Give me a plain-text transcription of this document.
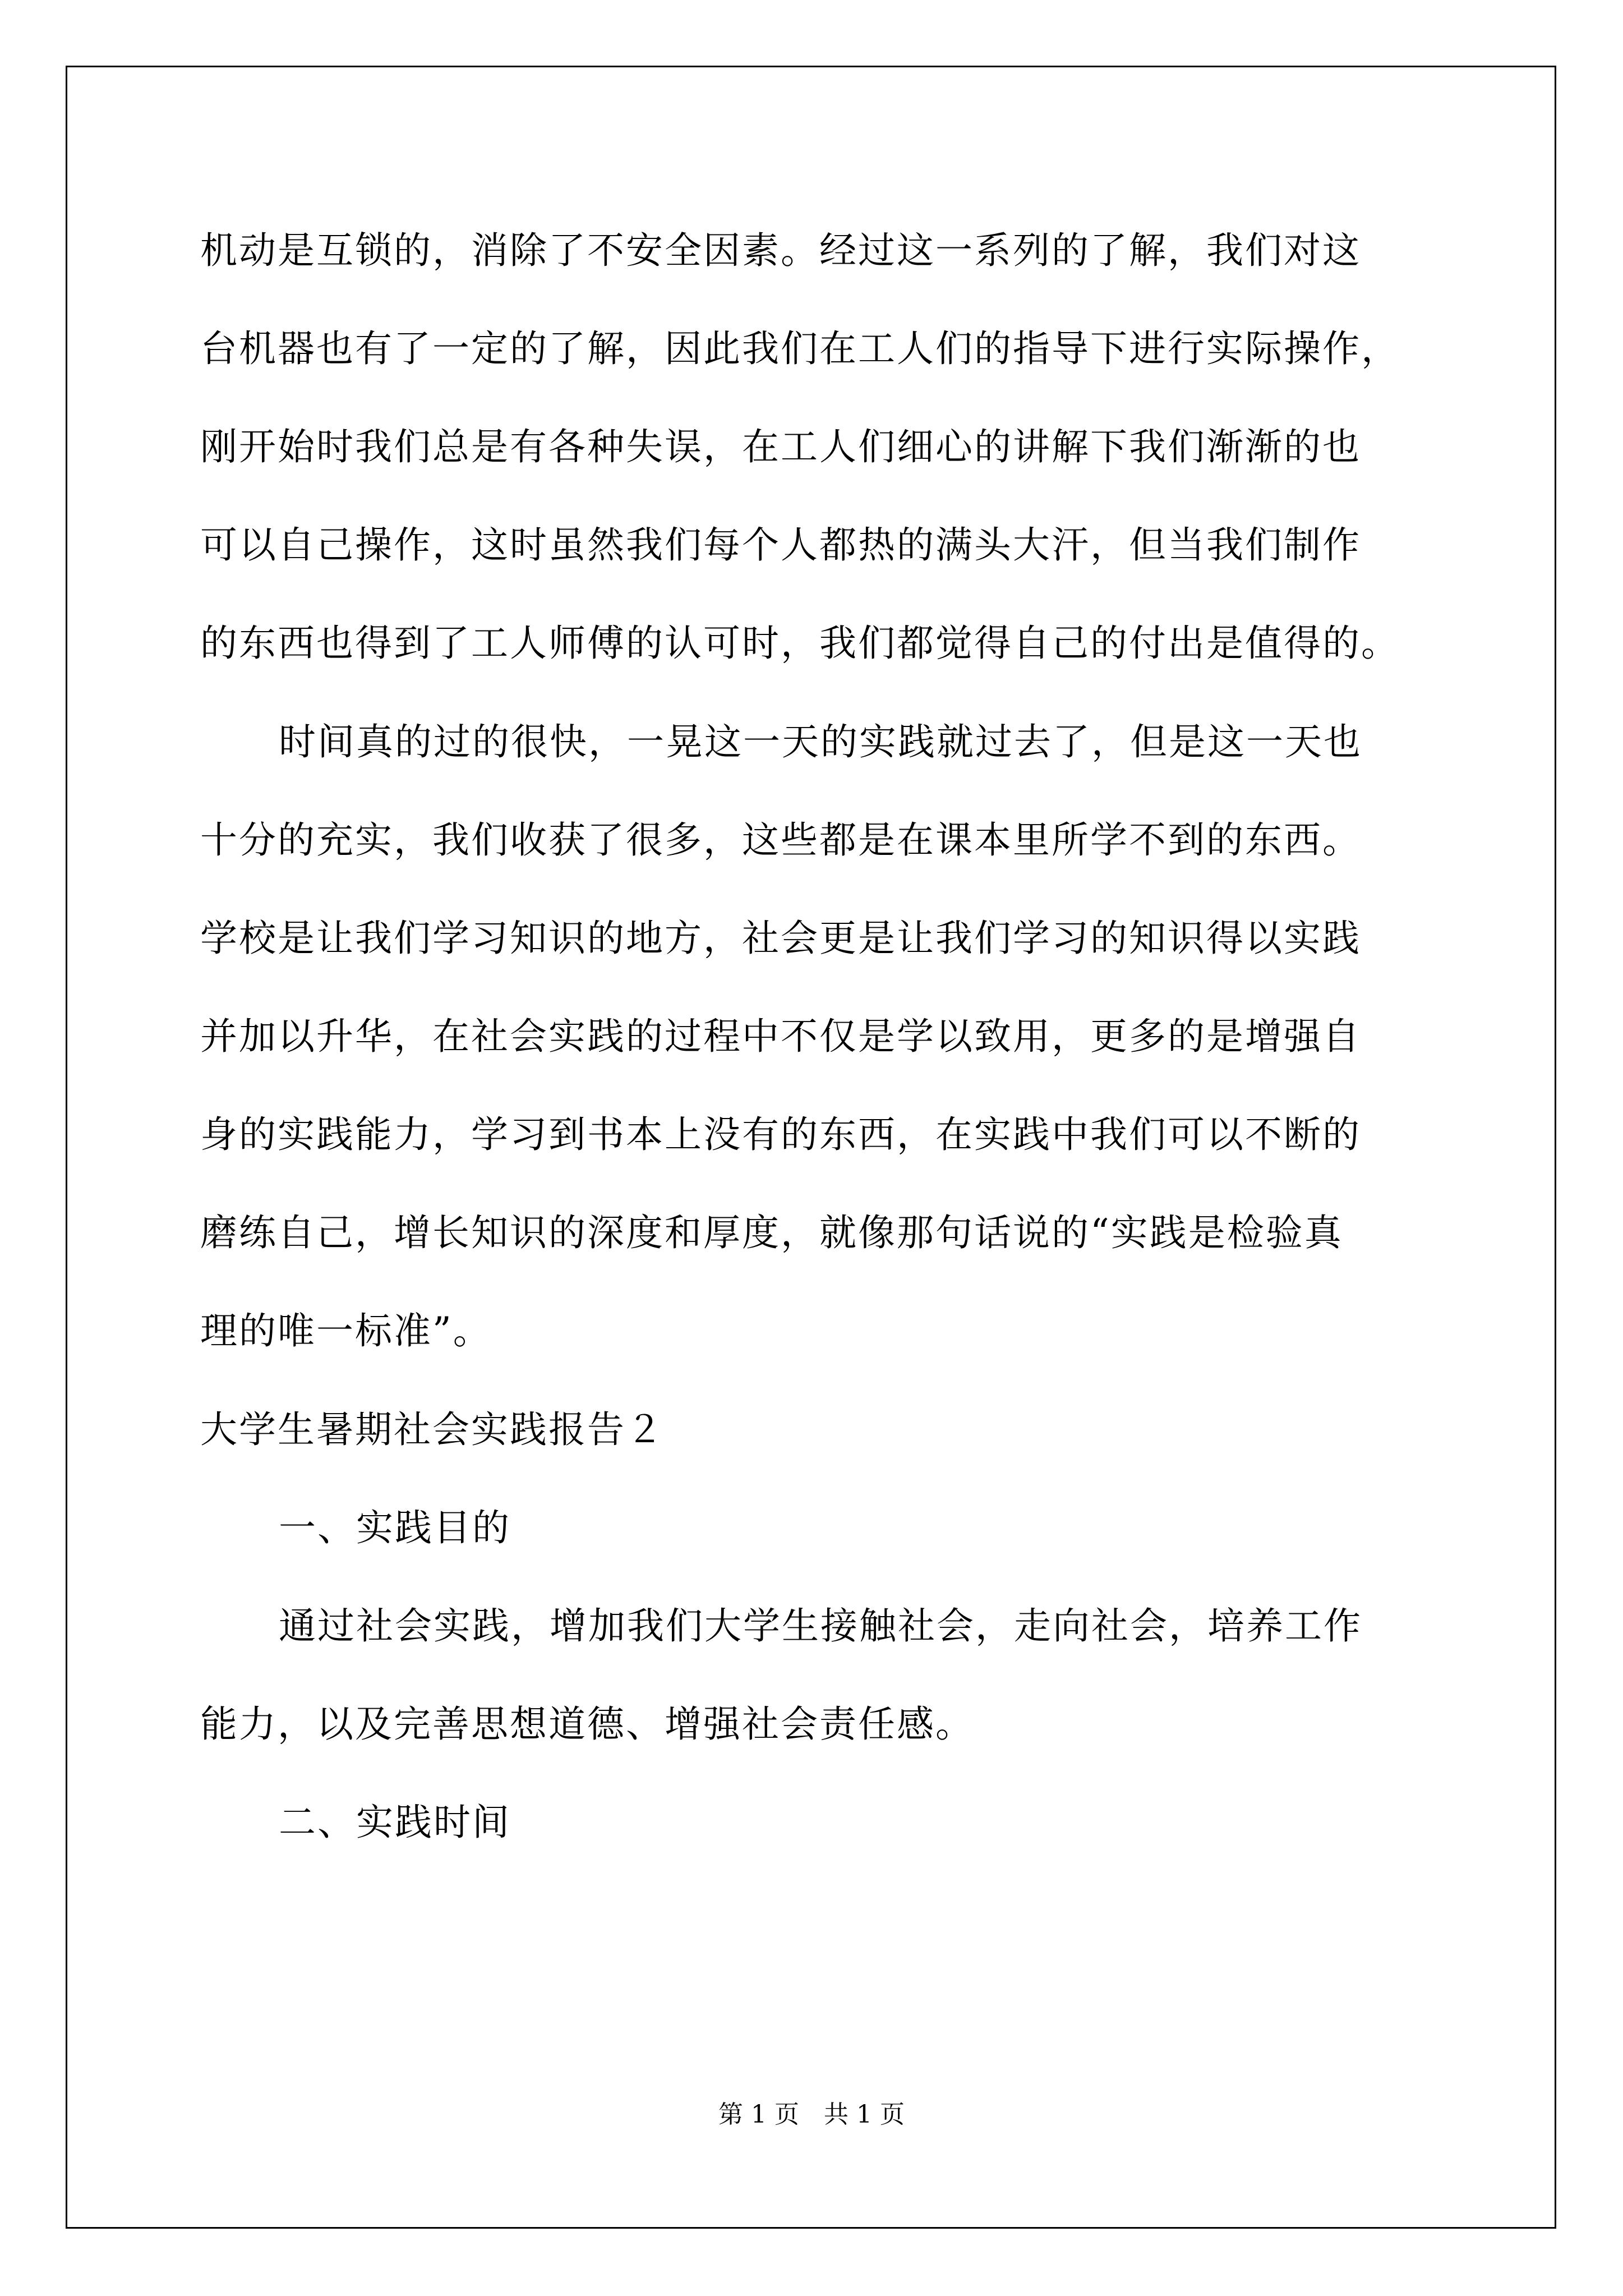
机动是互锁的，消除了不安全因素。经过这一系列的了解，我们对这
台机器也有了一定的了解，因此我们在工人们的指导下进行实际操作，
刚开始时我们总是有各种失误，在工人们细心的讲解下我们渐渐的也
可以自己操作，这时虽然我们每个人都热的满头大汗，但当我们制作
的东西也得到了工人师傅的认可时，我们都觉得自己的付出是值得的。
时间真的过的很快，一晃这一天的实践就过去了，但是这一天也
十分的充实，我们收获了很多，这些都是在课本里所学不到的东西。
学校是让我们学习知识的地方，社会更是让我们学习的知识得以实践
并加以升华，在社会实践的过程中不仅是学以致用，更多的是增强自
身的实践能力，学习到书本上没有的东西，在实践中我们可以不断的
磨练自己，增长知识的深度和厚度，就像那句话说的“实践是检验真
理的唯一标准”。
大学生暑期社会实践报告２
一、实践目的
通过社会实践，增加我们大学生接触社会，走向社会，培养工作
能力，以及完善思想道德、增强社会责任感。
二、实践时间
第 1 页　共 1 页
